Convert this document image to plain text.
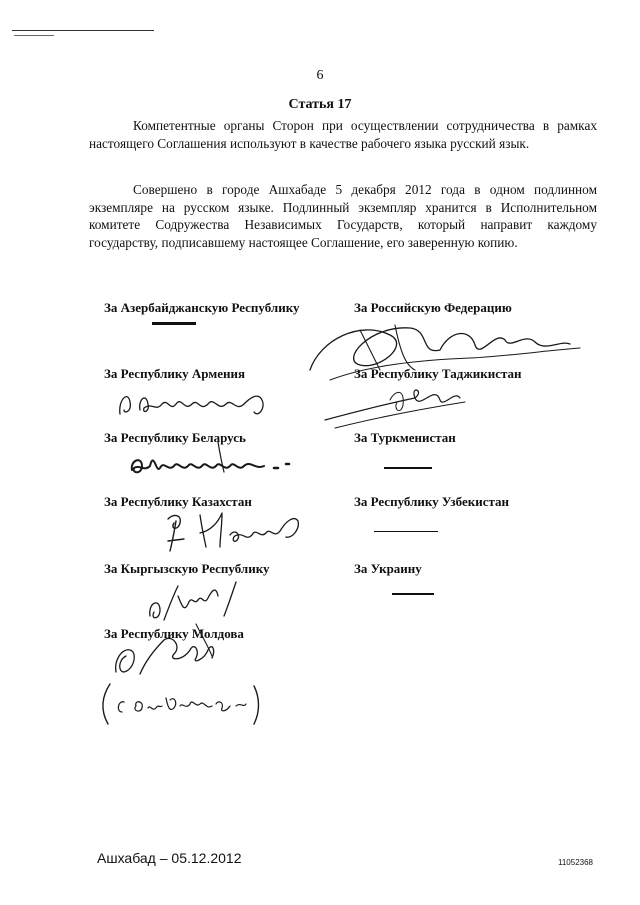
6
Статья 17
Компетентные органы Сторон при осуществлении сотрудничества в рамках настоящего Соглашения используют в качестве рабочего языка русский язык.
Совершено в городе Ашхабаде 5 декабря 2012 года в одном подлинном экземпляре на русском языке. Подлинный экземпляр хранится в Исполнительном комитете Содружества Независимых Государств, который направит каждому государству, подписавшему настоящее Соглашение, его заверенную копию.
За Азербайджанскую Республику
За Республику Армения
За Республику Беларусь
За Республику Казахстан
За Кыргызскую Республику
За Республику Молдова
За Российскую Федерацию
За Республику Таджикистан
За Туркменистан
За Республику Узбекистан
За Украину
Ашхабад – 05.12.2012	11052368
